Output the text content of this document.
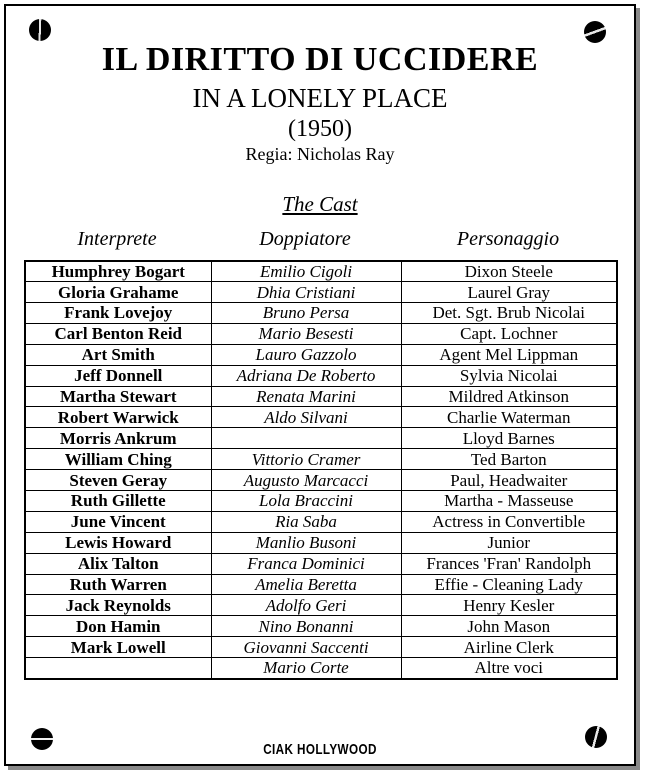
IL DIRITTO DI UCCIDERE
IN A LONELY PLACE
(1950)
Regia: Nicholas Ray
The Cast
Interprete	Doppiatore	Personaggio
Humphrey Bogart	Emilio Cigoli	Dixon Steele
Gloria Grahame	Dhia Cristiani	Laurel Gray
Frank Lovejoy	Bruno Persa	Det. Sgt. Brub Nicolai
Carl Benton Reid	Mario Besesti	Capt. Lochner
Art Smith	Lauro Gazzolo	Agent Mel Lippman
Jeff Donnell	Adriana De Roberto	Sylvia Nicolai
Martha Stewart	Renata Marini	Mildred Atkinson
Robert Warwick	Aldo Silvani	Charlie Waterman
Morris Ankrum		Lloyd Barnes
William Ching	Vittorio Cramer	Ted Barton
Steven Geray	Augusto Marcacci	Paul, Headwaiter
Ruth Gillette	Lola Braccini	Martha - Masseuse
June Vincent	Ria Saba	Actress in Convertible
Lewis Howard	Manlio Busoni	Junior
Alix Talton	Franca Dominici	Frances 'Fran' Randolph
Ruth Warren	Amelia Beretta	Effie - Cleaning Lady
Jack Reynolds	Adolfo Geri	Henry Kesler
Don Hamin	Nino Bonanni	John Mason
Mark Lowell	Giovanni Saccenti	Airline Clerk
	Mario Corte	Altre voci
CIAK HOLLYWOOD
